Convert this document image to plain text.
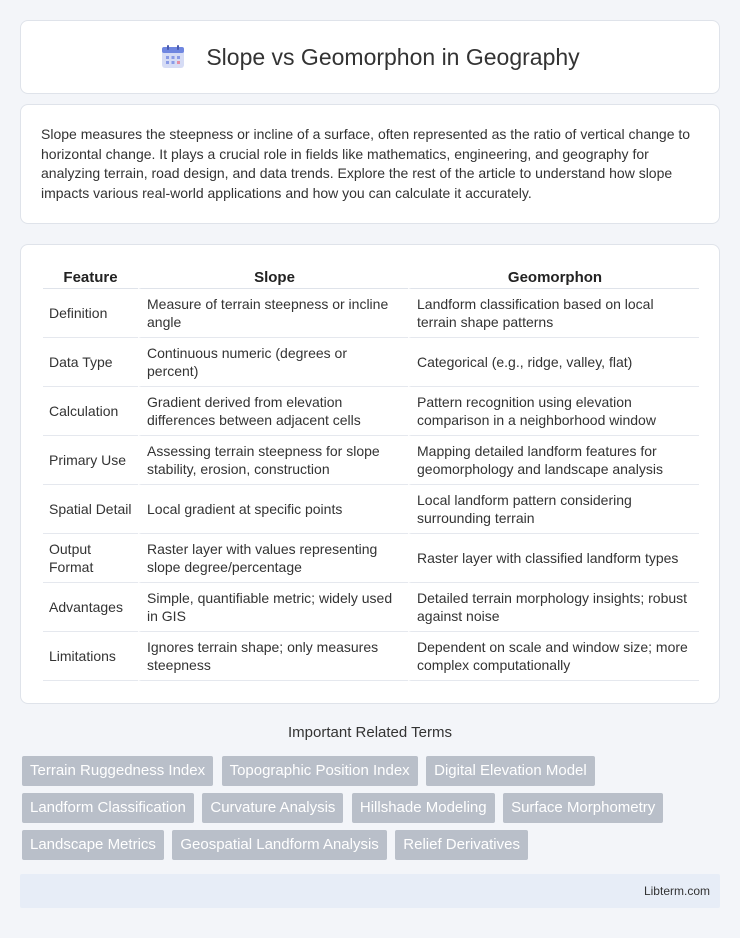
Slope vs Geomorphon in Geography

Slope measures the steepness or incline of a surface, often represented as the ratio of vertical change to horizontal change. It plays a crucial role in fields like mathematics, engineering, and geography for analyzing terrain, road design, and data trends. Explore the rest of the article to understand how slope impacts various real-world applications and how you can calculate it accurately.

Feature	Slope	Geomorphon
Definition	Measure of terrain steepness or incline angle	Landform classification based on local terrain shape patterns
Data Type	Continuous numeric (degrees or percent)	Categorical (e.g., ridge, valley, flat)
Calculation	Gradient derived from elevation differences between adjacent cells	Pattern recognition using elevation comparison in a neighborhood window
Primary Use	Assessing terrain steepness for slope stability, erosion, construction	Mapping detailed landform features for geomorphology and landscape analysis
Spatial Detail	Local gradient at specific points	Local landform pattern considering surrounding terrain
Output Format	Raster layer with values representing slope degree/percentage	Raster layer with classified landform types
Advantages	Simple, quantifiable metric; widely used in GIS	Detailed terrain morphology insights; robust against noise
Limitations	Ignores terrain shape; only measures steepness	Dependent on scale and window size; more complex computationally
Important Related Terms
Terrain Ruggedness Index Topographic Position Index Digital Elevation Model Landform Classification Curvature Analysis Hillshade Modeling Surface Morphometry Landscape Metrics Geospatial Landform Analysis Relief Derivatives
Libterm.com
